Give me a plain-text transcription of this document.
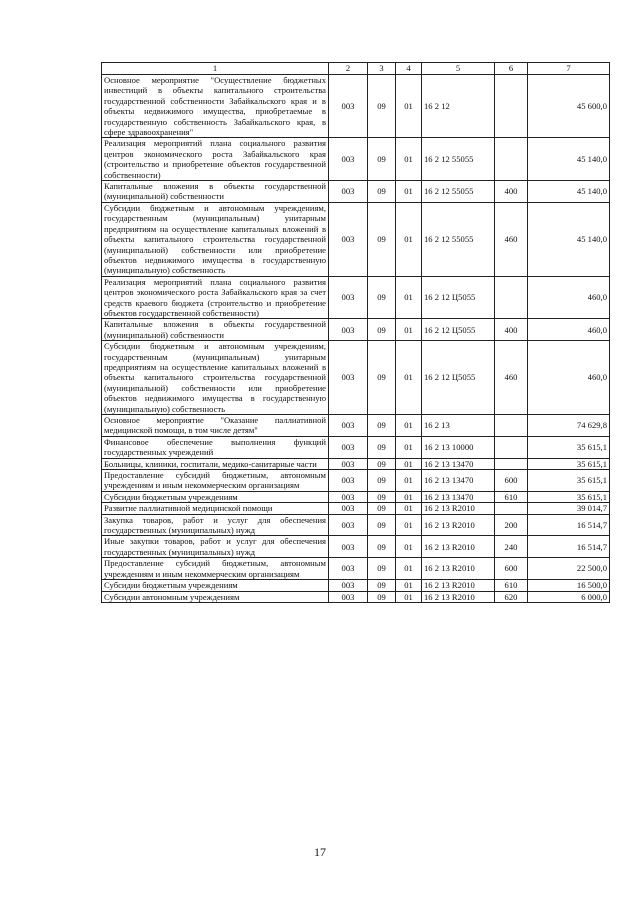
1	2	3	4	5	6	7
Основное мероприятие "Осуществление бюджетных инвестиций в объекты капитального строительства государственной собственности Забайкальского края и в объекты недвижимого имущества, приобретаемые в государственную собственность Забайкальского края, в сфере здравоохранения"	003	09	01	16 2 12		45 600,0
Реализация мероприятий плана социального развития центров экономического роста Забайкальского края (строительство и приобретение объектов государственной собственности)	003	09	01	16 2 12 55055		45 140,0
Капитальные вложения в объекты государственной (муниципальной) собственности	003	09	01	16 2 12 55055	400	45 140,0
Субсидии бюджетным и автономным учреждениям, государственным (муниципальным) унитарным предприятиям на осуществление капитальных вложений в объекты капитального строительства государственной (муниципальной) собственности или приобретение объектов недвижимого имущества в государственную (муниципальную) собственность	003	09	01	16 2 12 55055	460	45 140,0
Реализация мероприятий плана социального развития центров экономического роста Забайкальского края за счет средств краевого бюджета (строительство и приобретение объектов государственной собственности)	003	09	01	16 2 12 Ц5055		460,0
Капитальные вложения в объекты государственной (муниципальной) собственности	003	09	01	16 2 12 Ц5055	400	460,0
Субсидии бюджетным и автономным учреждениям, государственным (муниципальным) унитарным предприятиям на осуществление капитальных вложений в объекты капитального строительства государственной (муниципальной) собственности или приобретение объектов недвижимого имущества в государственную (муниципальную) собственность	003	09	01	16 2 12 Ц5055	460	460,0
Основное мероприятие "Оказание паллиативной медицинской помощи, в том числе детям"	003	09	01	16 2 13		74 629,8
Финансовое обеспечение выполнения функций государственных учреждений	003	09	01	16 2 13 10000		35 615,1
Больницы, клиники, госпитали, медико-санитарные части	003	09	01	16 2 13 13470		35 615,1
Предоставление субсидий бюджетным, автономным учреждениям и иным некоммерческим организациям	003	09	01	16 2 13 13470	600	35 615,1
Субсидии бюджетным учреждениям	003	09	01	16 2 13 13470	610	35 615,1
Развитие паллиативной медицинской помощи	003	09	01	16 2 13 R2010		39 014,7
Закупка товаров, работ и услуг для обеспечения государственных (муниципальных) нужд	003	09	01	16 2 13 R2010	200	16 514,7
Иные закупки товаров, работ и услуг для обеспечения государственных (муниципальных) нужд	003	09	01	16 2 13 R2010	240	16 514,7
Предоставление субсидий бюджетным, автономным учреждениям и иным некоммерческим организациям	003	09	01	16 2 13 R2010	600	22 500,0
Субсидии бюджетным учреждениям	003	09	01	16 2 13 R2010	610	16 500,0
Субсидии автономным учреждениям	003	09	01	16 2 13 R2010	620	6 000,0
17
